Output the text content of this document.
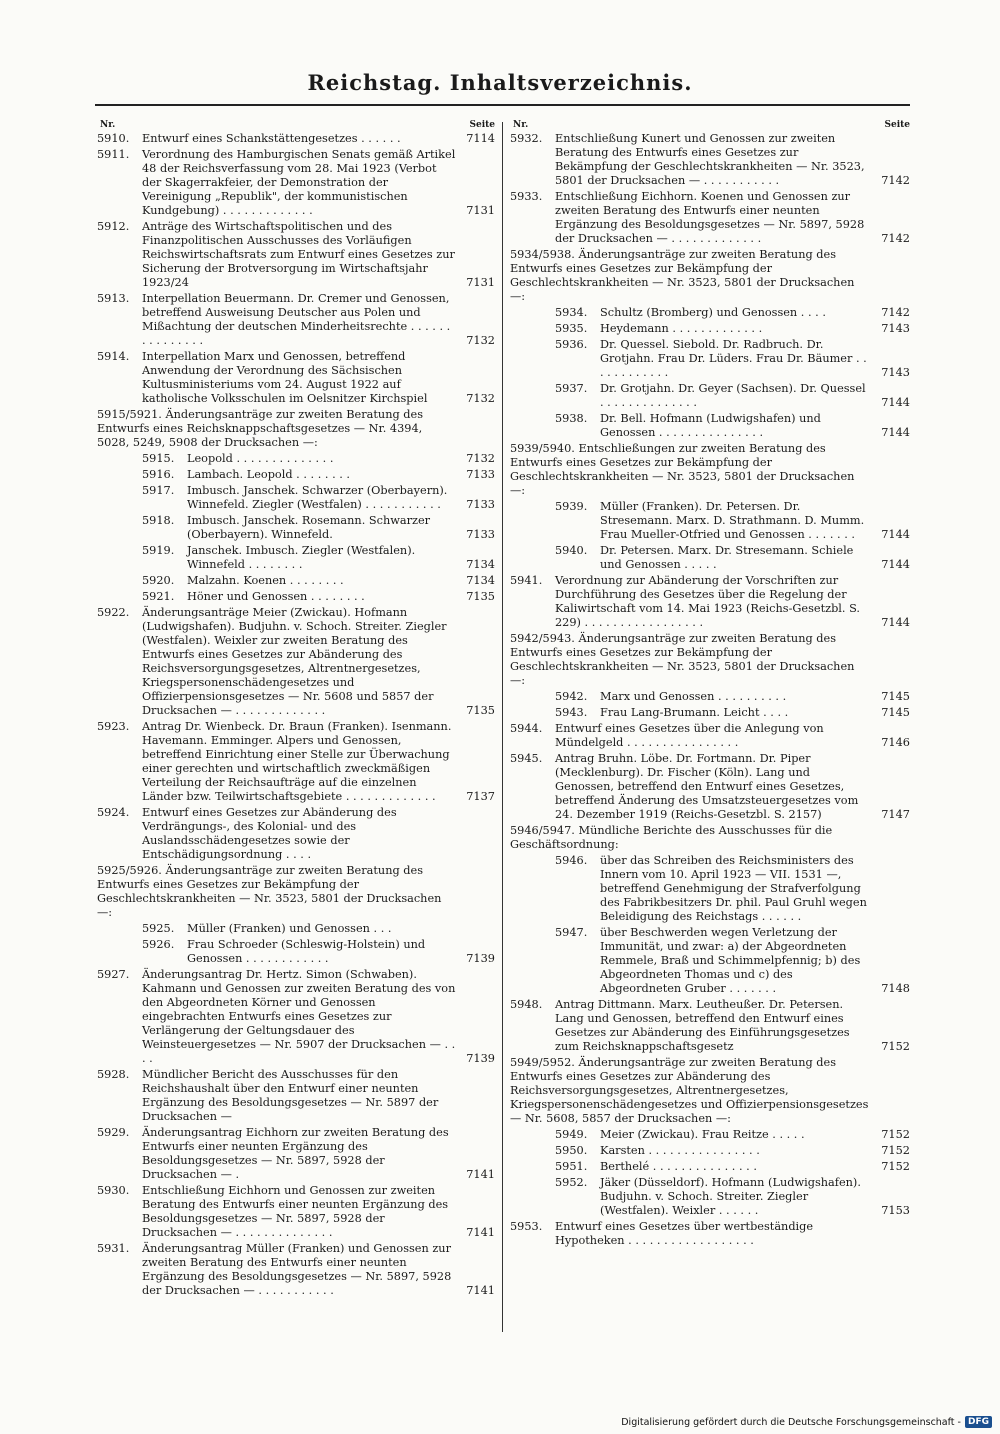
Reichstag. Inhaltsverzeichnis.
Nr.	Seite
5910.	Entwurf eines Schankstättengesetzes . . . . . .	7114
5911.	Verordnung des Hamburgischen Senats gemäß Artikel 48 der Reichsverfassung vom 28. Mai 1923 (Verbot der Skagerrakfeier, der Demonstration der Vereinigung „Republik", der kommunistischen Kundgebung) . . . . . . . . . . . . .	7131
5912.	Anträge des Wirtschaftspolitischen und des Finanzpolitischen Ausschusses des Vorläufigen Reichswirtschaftsrats zum Entwurf eines Gesetzes zur Sicherung der Brotversorgung im Wirtschaftsjahr 1923/24	7131
5913.	Interpellation Beuermann. Dr. Cremer und Genossen, betreffend Ausweisung Deutscher aus Polen und Mißachtung der deutschen Minderheitsrechte . . . . . . . . . . . . . . .	7132
5914.	Interpellation Marx und Genossen, betreffend Anwendung der Verordnung des Sächsischen Kultusministeriums vom 24. August 1922 auf katholische Volksschulen im Oelsnitzer Kirchspiel	7132
5915/5921. Änderungsanträge zur zweiten Beratung des Entwurfs eines Reichsknappschaftsgesetzes — Nr. 4394, 5028, 5249, 5908 der Drucksachen —:
5915.	Leopold . . . . . . . . . . . . . .	7132
5916.	Lambach. Leopold . . . . . . . .	7133
5917.	Imbusch. Janschek. Schwarzer (Oberbayern). Winnefeld. Ziegler (Westfalen) . . . . . . . . . . .	7133
5918.	Imbusch. Janschek. Rosemann. Schwarzer (Oberbayern). Winnefeld.	7133
5919.	Janschek. Imbusch. Ziegler (Westfalen). Winnefeld . . . . . . . .	7134
5920.	Malzahn. Koenen . . . . . . . .	7134
5921.	Höner und Genossen . . . . . . . .	7135
5922.	Änderungsanträge Meier (Zwickau). Hofmann (Ludwigshafen). Budjuhn. v. Schoch. Streiter. Ziegler (Westfalen). Weixler zur zweiten Beratung des Entwurfs eines Gesetzes zur Abänderung des Reichsversorgungsgesetzes, Altrentnergesetzes, Kriegspersonenschädengesetzes und Offizierpensionsgesetzes — Nr. 5608 und 5857 der Drucksachen — . . . . . . . . . . . . .	7135
5923.	Antrag Dr. Wienbeck. Dr. Braun (Franken). Isenmann. Havemann. Emminger. Alpers und Genossen, betreffend Einrichtung einer Stelle zur Überwachung einer gerechten und wirtschaftlich zweckmäßigen Verteilung der Reichsaufträge auf die einzelnen Länder bzw. Teilwirtschaftsgebiete . . . . . . . . . . . . .	7137
5924.	Entwurf eines Gesetzes zur Abänderung des Verdrängungs-, des Kolonial- und des Auslandsschädengesetzes sowie der Entschädigungsordnung . . . .
5925/5926. Änderungsanträge zur zweiten Beratung des Entwurfs eines Gesetzes zur Bekämpfung der Geschlechtskrankheiten — Nr. 3523, 5801 der Drucksachen —:
5925.	Müller (Franken) und Genossen . . .
5926.	Frau Schroeder (Schleswig-Holstein) und Genossen . . . . . . . . . . . .	7139
5927.	Änderungsantrag Dr. Hertz. Simon (Schwaben). Kahmann und Genossen zur zweiten Beratung des von den Abgeordneten Körner und Genossen eingebrachten Entwurfs eines Gesetzes zur Verlängerung der Geltungsdauer des Weinsteuergesetzes — Nr. 5907 der Drucksachen — . . . .	7139
5928.	Mündlicher Bericht des Ausschusses für den Reichshaushalt über den Entwurf einer neunten Ergänzung des Besoldungsgesetzes — Nr. 5897 der Drucksachen —
5929.	Änderungsantrag Eichhorn zur zweiten Beratung des Entwurfs einer neunten Ergänzung des Besoldungsgesetzes — Nr. 5897, 5928 der Drucksachen — .	7141
5930.	Entschließung Eichhorn und Genossen zur zweiten Beratung des Entwurfs einer neunten Ergänzung des Besoldungsgesetzes — Nr. 5897, 5928 der Drucksachen — . . . . . . . . . . . . . .	7141
5931.	Änderungsantrag Müller (Franken) und Genossen zur zweiten Beratung des Entwurfs einer neunten Ergänzung des Besoldungsgesetzes — Nr. 5897, 5928 der Drucksachen — . . . . . . . . . . .	7141
Nr.	Seite
5932.	Entschließung Kunert und Genossen zur zweiten Beratung des Entwurfs eines Gesetzes zur Bekämpfung der Geschlechtskrankheiten — Nr. 3523, 5801 der Drucksachen — . . . . . . . . . . .	7142
5933.	Entschließung Eichhorn. Koenen und Genossen zur zweiten Beratung des Entwurfs einer neunten Ergänzung des Besoldungsgesetzes — Nr. 5897, 5928 der Drucksachen — . . . . . . . . . . . . .	7142
5934/5938. Änderungsanträge zur zweiten Beratung des Entwurfs eines Gesetzes zur Bekämpfung der Geschlechtskrankheiten — Nr. 3523, 5801 der Drucksachen —:
5934.	Schultz (Bromberg) und Genossen . . . .	7142
5935.	Heydemann . . . . . . . . . . . . .	7143
5936.	Dr. Quessel. Siebold. Dr. Radbruch. Dr. Grotjahn. Frau Dr. Lüders. Frau Dr. Bäumer . . . . . . . . . . . .	7143
5937.	Dr. Grotjahn. Dr. Geyer (Sachsen). Dr. Quessel . . . . . . . . . . . . . .	7144
5938.	Dr. Bell. Hofmann (Ludwigshafen) und Genossen . . . . . . . . . . . . . . .	7144
5939/5940. Entschließungen zur zweiten Beratung des Entwurfs eines Gesetzes zur Bekämpfung der Geschlechtskrankheiten — Nr. 3523, 5801 der Drucksachen —:
5939.	Müller (Franken). Dr. Petersen. Dr. Stresemann. Marx. D. Strathmann. D. Mumm. Frau Mueller-Otfried und Genossen . . . . . . .	7144
5940.	Dr. Petersen. Marx. Dr. Stresemann. Schiele und Genossen . . . . .	7144
5941.	Verordnung zur Abänderung der Vorschriften zur Durchführung des Gesetzes über die Regelung der Kaliwirtschaft vom 14. Mai 1923 (Reichs-Gesetzbl. S. 229) . . . . . . . . . . . . . . . . .	7144
5942/5943. Änderungsanträge zur zweiten Beratung des Entwurfs eines Gesetzes zur Bekämpfung der Geschlechtskrankheiten — Nr. 3523, 5801 der Drucksachen —:
5942.	Marx und Genossen . . . . . . . . . .	7145
5943.	Frau Lang-Brumann. Leicht . . . .	7145
5944.	Entwurf eines Gesetzes über die Anlegung von Mündelgeld . . . . . . . . . . . . . . . .	7146
5945.	Antrag Bruhn. Löbe. Dr. Fortmann. Dr. Piper (Mecklenburg). Dr. Fischer (Köln). Lang und Genossen, betreffend den Entwurf eines Gesetzes, betreffend Änderung des Umsatzsteuergesetzes vom 24. Dezember 1919 (Reichs-Gesetzbl. S. 2157)	7147
5946/5947. Mündliche Berichte des Ausschusses für die Geschäftsordnung:
5946.	über das Schreiben des Reichsministers des Innern vom 10. April 1923 — VII. 1531 —, betreffend Genehmigung der Strafverfolgung des Fabrikbesitzers Dr. phil. Paul Gruhl wegen Beleidigung des Reichstags . . . . . .
5947.	über Beschwerden wegen Verletzung der Immunität, und zwar: a) der Abgeordneten Remmele, Braß und Schimmelpfennig; b) des Abgeordneten Thomas und c) des Abgeordneten Gruber . . . . . . .	7148
5948.	Antrag Dittmann. Marx. Leutheußer. Dr. Petersen. Lang und Genossen, betreffend den Entwurf eines Gesetzes zur Abänderung des Einführungsgesetzes zum Reichsknappschaftsgesetz	7152
5949/5952. Änderungsanträge zur zweiten Beratung des Entwurfs eines Gesetzes zur Abänderung des Reichsversorgungsgesetzes, Altrentnergesetzes, Kriegspersonenschädengesetzes und Offizierpensionsgesetzes — Nr. 5608, 5857 der Drucksachen —:
5949.	Meier (Zwickau). Frau Reitze . . . . .	7152
5950.	Karsten . . . . . . . . . . . . . . . .	7152
5951.	Berthelé . . . . . . . . . . . . . . .	7152
5952.	Jäker (Düsseldorf). Hofmann (Ludwigshafen). Budjuhn. v. Schoch. Streiter. Ziegler (Westfalen). Weixler . . . . . .	7153
5953.	Entwurf eines Gesetzes über wertbeständige Hypotheken . . . . . . . . . . . . . . . . . .
Digitalisierung gefördert durch die Deutsche Forschungsgemeinschaft - DFG
